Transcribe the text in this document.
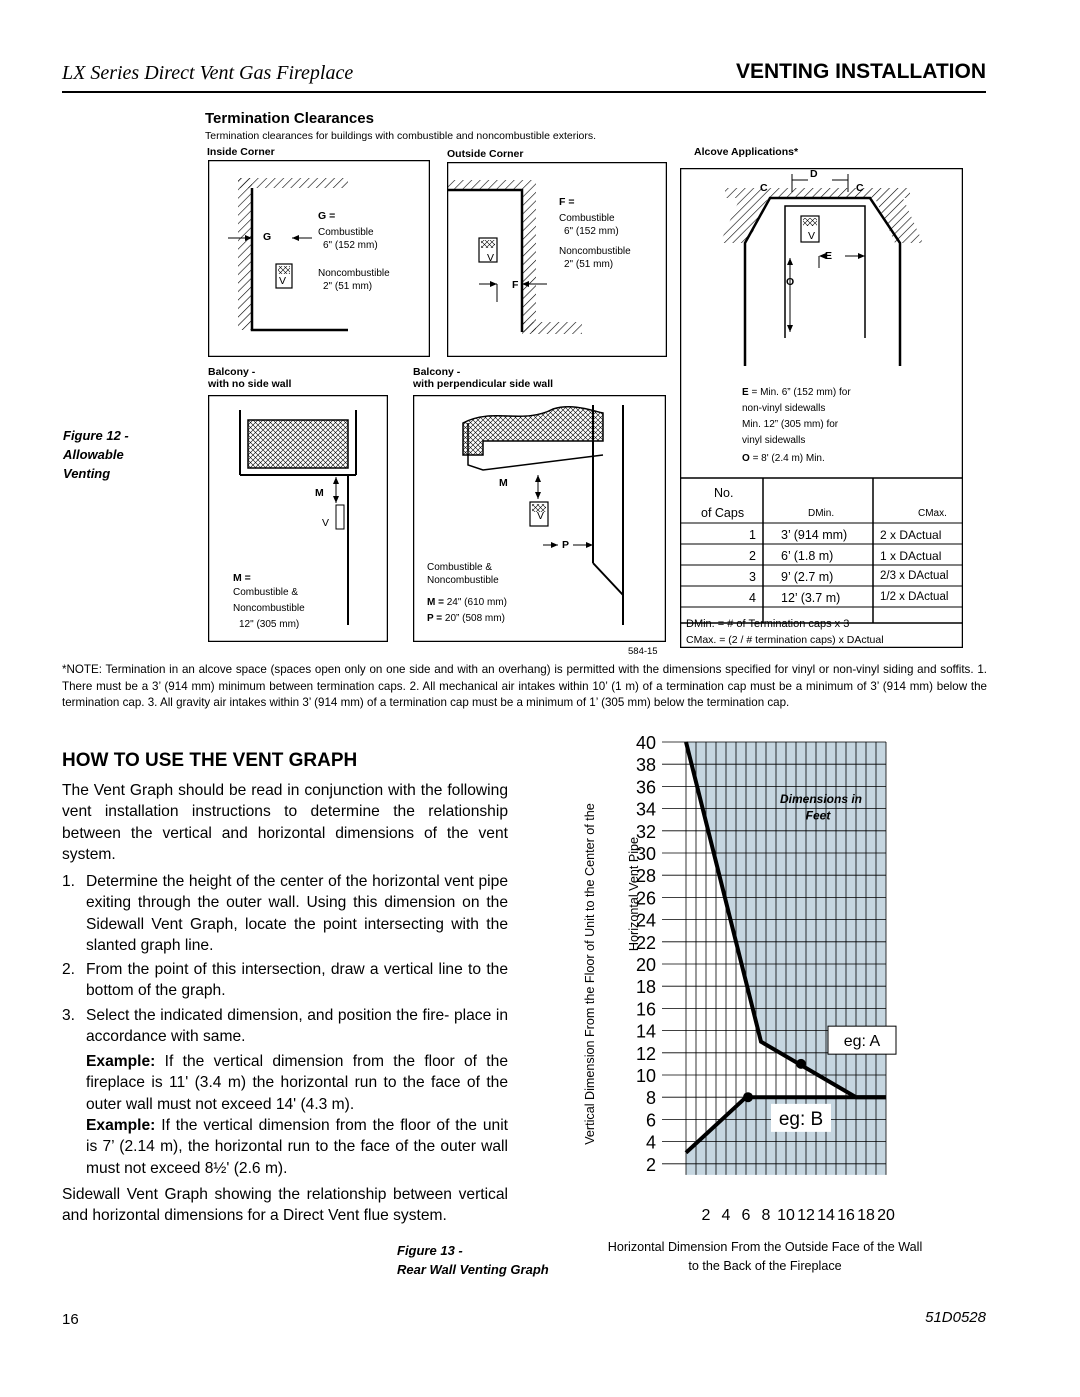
LX Series Direct Vent Gas Fireplace	VENTING INSTALLATION
Termination Clearances
Termination clearances for buildings with combustible and noncombustible exteriors.
Inside Corner	Outside Corner	Alcove Applications*
G
V
G =
Combustible
6" (152 mm)
Noncombustible
2" (51 mm)
V
F
F =
Combustible
6" (152 mm)
Noncombustible
2" (51 mm)
C	C
D
V
E
O
E = Min. 6” (152 mm) for
non-vinyl sidewalls
Min. 12” (305 mm) for
vinyl sidewalls
O = 8' (2.4 m) Min.
No.
of Caps	DMin.	CMax.
1 3’ (914 mm)	2 x DActual
2 6’ (1.8 m)	1 x DActual
3 9’ (2.7 m)	2/3 x DActual
4 12’ (3.7 m)	1/2 x DActual
DMin. = # of Termination caps x 3
CMax. = (2 / # termination caps) x DActual
Balcony -
with no side wall
Balcony -
with perpendicular side wall
Figure 12 -
Allowable
Venting
M
V
M =
Combustible &
Noncombustible
12" (305 mm)
M
V
P
Combustible &
Noncombustible
M = 24" (610 mm)
P = 20” (508 mm)
584-15
*NOTE: Termination in an alcove space (spaces open only on one side and with an overhang) is permitted with the dimensions specified for vinyl or non-vinyl siding and soffits. 1. There must be a 3’ (914 mm) minimum between termination caps. 2. All mechanical air intakes within 10’ (1 m) of a termination cap must be a minimum of 3’ (914 mm) below the termination cap. 3. All gravity air intakes within 3’ (914 mm) of a termination cap must be a minimum of 1’ (305 mm) below the termination cap.
HOW TO USE THE VENT GRAPH
The Vent Graph should be read in conjunction with the following vent installation instructions to determine the relationship between the vertical and horizontal dimensions of the vent system.
1. Determine the height of the center of the horizontal vent pipe exiting through the outer wall. Using this dimension on the Sidewall Vent Graph, locate the point intersecting with the slanted graph line.
2. From the point of this intersection, draw a vertical line to the bottom of the graph.
3. Select the indicated dimension, and position the fire- place in accordance with same.
Example: If the vertical dimension from the floor of the fireplace is 11' (3.4 m) the horizontal run to the face of the outer wall must not exceed 14' (4.3 m).
Example: If the vertical dimension from the floor of the unit is 7’ (2.14 m), the horizontal run to the face of the outer wall must not exceed 8½' (2.6 m).
Sidewall Vent Graph showing the relationship between vertical and horizontal dimensions for a Direct Vent flue system.
Figure 13 -
Rear Wall Venting Graph
2
4
6
8
10
12
14
16
18
20
22
24
26
28
30
32
34
36
38
40
2 4 6 8 10 12 14 16 18 20
Vertical Dimension From the Floor of Unit to the Center of the Horizontal Vent Pipe
Dimensions in
Feet
eg: A
eg: B
Horizontal Dimension From the Outside Face of the Wall
to the Back of the Fireplace
16	51D0528
